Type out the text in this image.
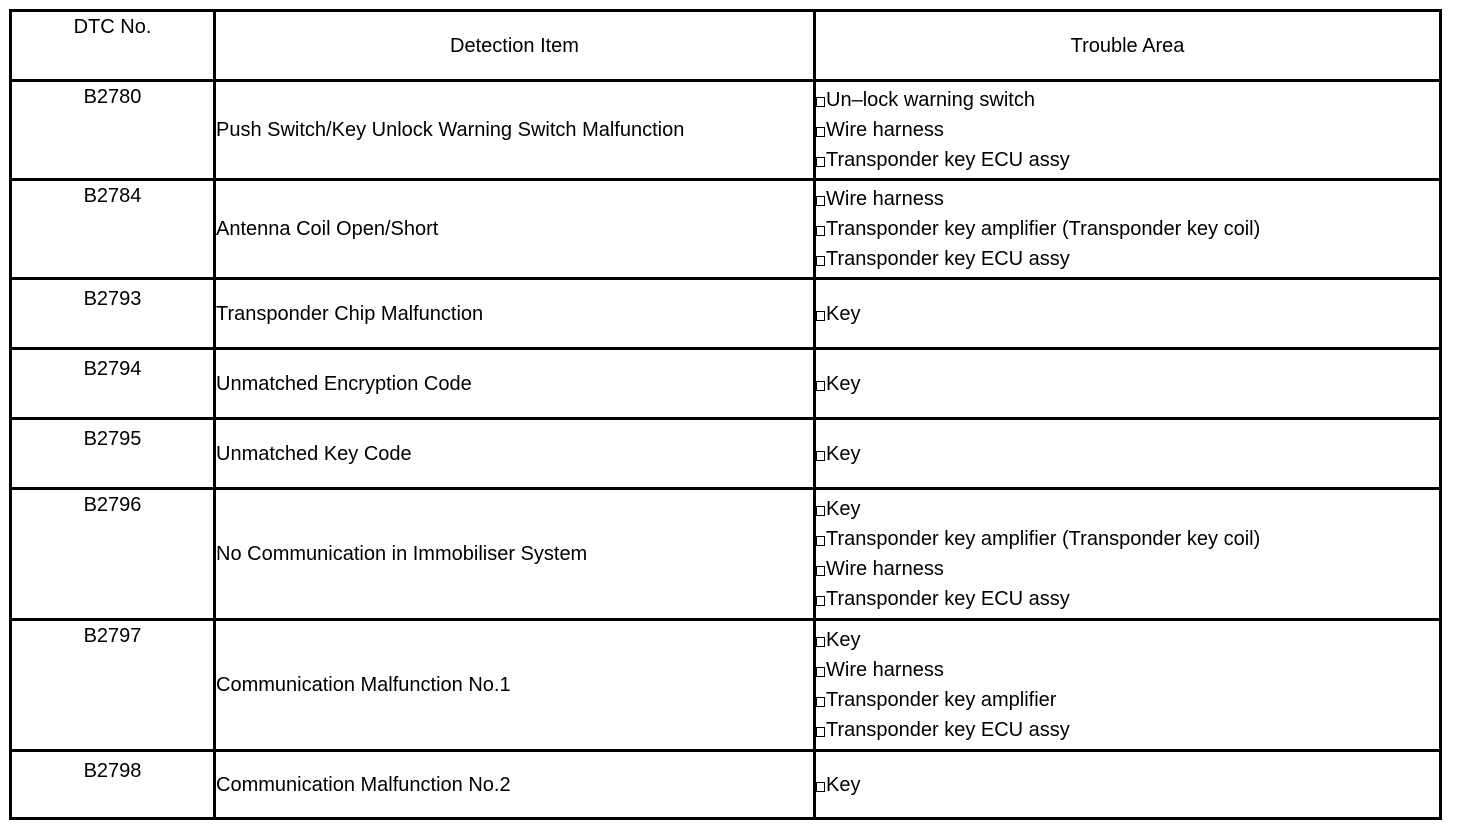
DTC No.	Detection Item	Trouble Area
B2780	Push Switch/Key Unlock Warning Switch Malfunction	Un–lock warning switch
Wire harness
Transponder key ECU assy

B2784	Antenna Coil Open/Short	Wire harness
Transponder key amplifier (Transponder key coil)
Transponder key ECU assy

B2793	Transponder Chip Malfunction	Key

B2794	Unmatched Encryption Code	Key

B2795	Unmatched Key Code	Key

B2796	No Communication in Immobiliser System	Key
Transponder key amplifier (Transponder key coil)
Wire harness
Transponder key ECU assy

B2797	Communication Malfunction No.1	Key
Wire harness
Transponder key amplifier
Transponder key ECU assy

B2798	Communication Malfunction No.2	Key
